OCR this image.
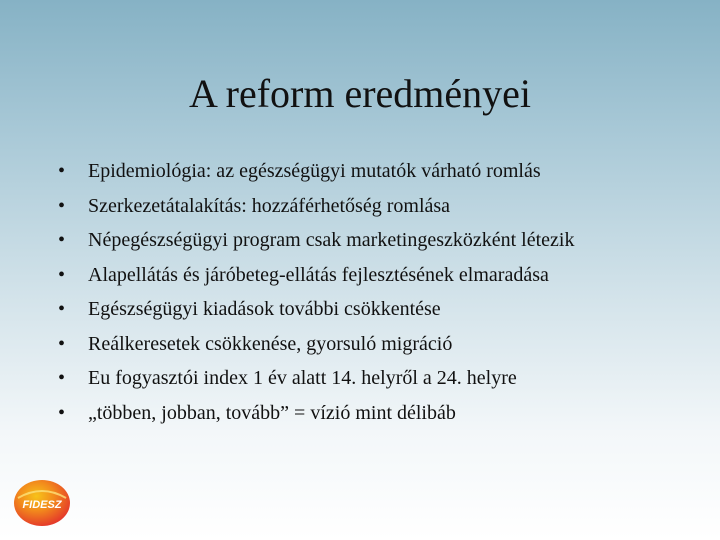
A reform eredményei
• Epidemiológia: az egészségügyi mutatók várható romlás
• Szerkezetátalakítás: hozzáférhetőség romlása
• Népegészségügyi program csak marketingeszközként létezik
• Alapellátás és járóbeteg-ellátás fejlesztésének elmaradása
• Egészségügyi kiadások további csökkentése
• Reálkeresetek csökkenése, gyorsuló migráció
• Eu fogyasztói index 1 év alatt 14. helyről a 24. helyre
• „többen, jobban, tovább” = vízió mint délibáb
FIDESZ
